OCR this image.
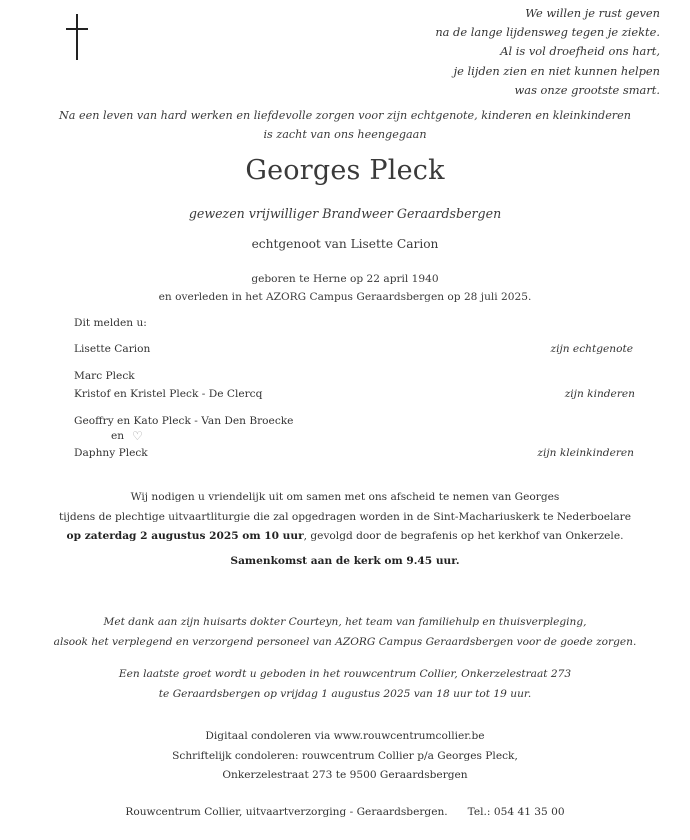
We willen je rust geven
na de lange lijdensweg tegen je ziekte.
Al is vol droefheid ons hart,
je lijden zien en niet kunnen helpen
was onze grootste smart.
Na een leven van hard werken en liefdevolle zorgen voor zijn echtgenote, kinderen en kleinkinderen
is zacht van ons heengegaan
Georges Pleck
gewezen vrijwilliger Brandweer Geraardsbergen
echtgenoot van Lisette Carion
geboren te Herne op 22 april 1940
en overleden in het AZORG Campus Geraardsbergen op 28 juli 2025.
Dit melden u:
Lisette Carion	zijn echtgenote
Marc Pleck
Kristof en Kristel Pleck - De Clercq	zijn kinderen
Geoffry en Kato Pleck - Van Den Broecke
en ♡
Daphny Pleck	zijn kleinkinderen
Wij nodigen u vriendelijk uit om samen met ons afscheid te nemen van Georges
tijdens de plechtige uitvaartliturgie die zal opgedragen worden in de Sint-Machariuskerk te Nederboelare
op zaterdag 2 augustus 2025 om 10 uur, gevolgd door de begrafenis op het kerkhof van Onkerzele.
Samenkomst aan de kerk om 9.45 uur.
Met dank aan zijn huisarts dokter Courteyn, het team van familiehulp en thuisverpleging,
alsook het verplegend en verzorgend personeel van AZORG Campus Geraardsbergen voor de goede zorgen.
Een laatste groet wordt u geboden in het rouwcentrum Collier, Onkerzelestraat 273
te Geraardsbergen op vrijdag 1 augustus 2025 van 18 uur tot 19 uur.
Digitaal condoleren via www.rouwcentrumcollier.be
Schriftelijk condoleren: rouwcentrum Collier p/a Georges Pleck,
Onkerzelestraat 273 te 9500 Geraardsbergen
Rouwcentrum Collier, uitvaartverzorging - Geraardsbergen. Tel.: 054 41 35 00
